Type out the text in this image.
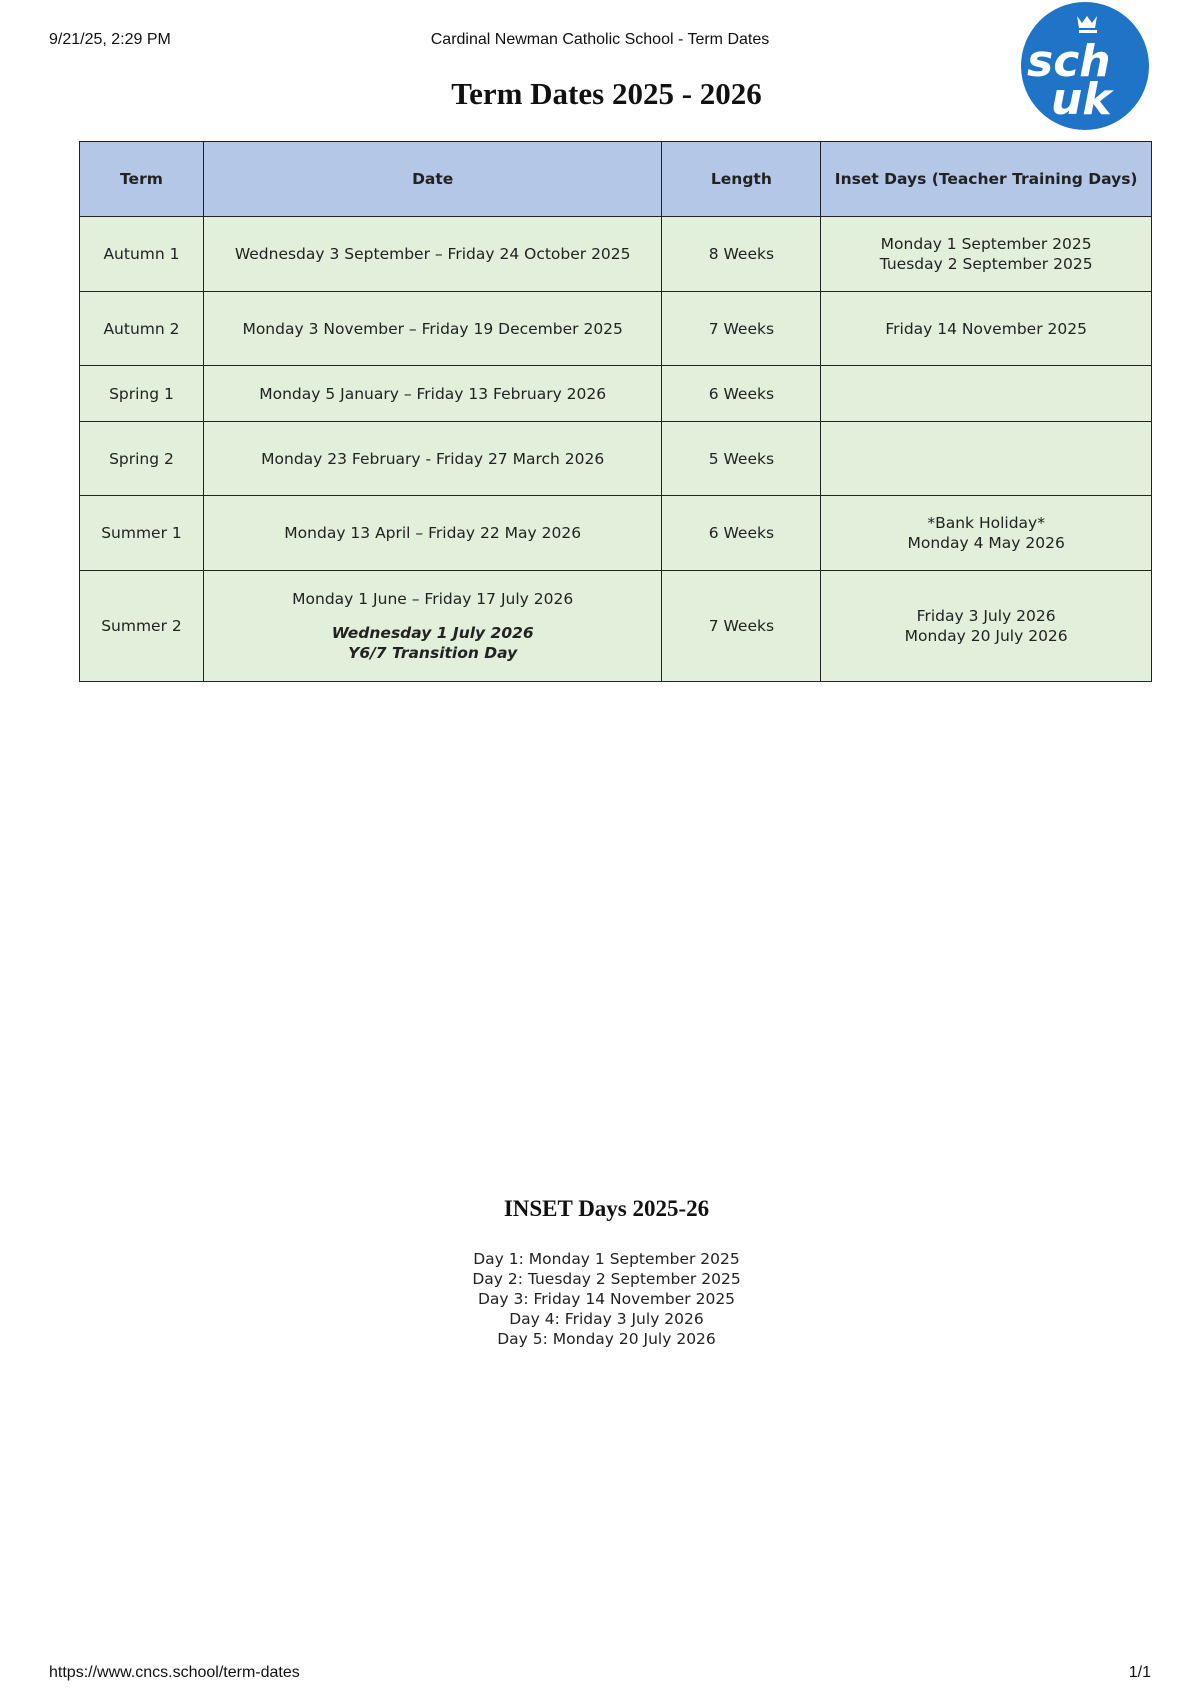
9/21/25, 2:29 PM	Cardinal Newman Catholic School - Term Dates	sch
uk
Term Dates 2025 - 2026
Term	Date	Length	Inset Days (Teacher Training Days)
Autumn 1	Wednesday 3 September – Friday 24 October 2025	8 Weeks	Monday 1 September 2025
Tuesday 2 September 2025

Autumn 2	Monday 3 November – Friday 19 December 2025	7 Weeks	Friday 14 November 2025

Spring 1	Monday 5 January – Friday 13 February 2026	6 Weeks	
Spring 2	Monday 23 February - Friday 27 March 2026	5 Weeks	
Summer 1	Monday 13 April – Friday 22 May 2026	6 Weeks	*Bank Holiday*
Monday 4 May 2026

Summer 2	Monday 1 June – Friday 17 July 2026
Wednesday 1 July 2026
Y6/7 Transition Day	7 Weeks	Friday 3 July 2026
Monday 20 July 2026
INSET Days 2025-26
Day 1: Monday 1 September 2025
Day 2: Tuesday 2 September 2025
Day 3: Friday 14 November 2025
Day 4: Friday 3 July 2026
Day 5: Monday 20 July 2026
https://www.cncs.school/term-dates	1/1
